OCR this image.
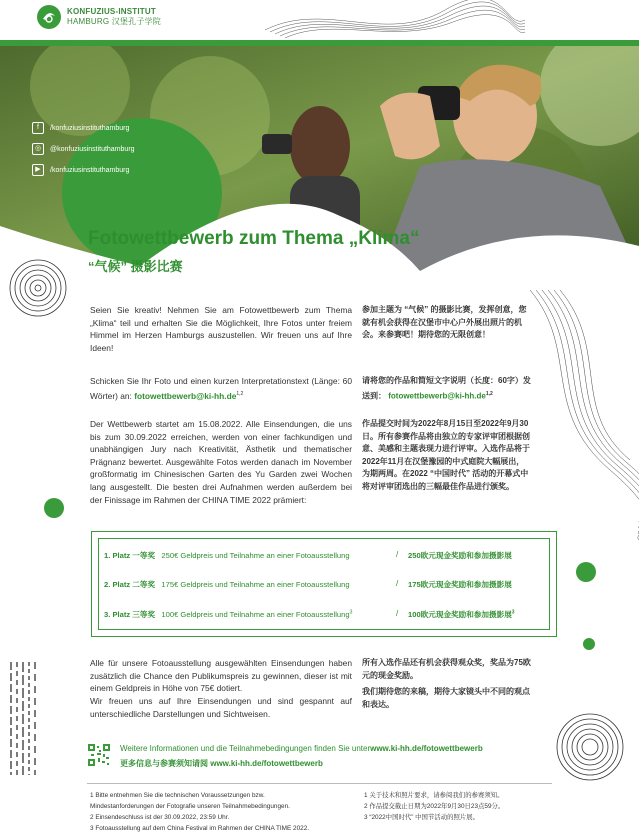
KONFUZIUS-INSTITUT
HAMBURG 汉堡孔子学院
f	/konfuziusinstituthamburg
◎	@konfuziusinstituthamburg
▶	/konfuziusinstituthamburg
Fotowettbewerb zum Thema „Klima“
“气候” 摄影比赛
Seien Sie kreativ! Nehmen Sie am Fotowettbewerb zum Thema „Klima“ teil und erhalten Sie die Möglichkeit, Ihre Fotos unter freiem Himmel im Herzen Hamburgs auszustellen. Wir freuen uns auf Ihre Ideen!
Schicken Sie Ihr Foto und einen kurzen Interpretationstext (Länge: 60 Wörter) an: fotowettbewerb@ki-hh.de$^{1,2}$
Der Wettbewerb startet am 15.08.2022. Alle Einsendungen, die uns bis zum 30.09.2022 erreichen, werden von einer fachkundigen und unabhängigen Jury nach Kreativität, Ästhetik und thematischer Prägnanz bewertet. Ausgewählte Fotos werden danach im November großformatig im Chinesischen Garten des Yu Garden zwei Wochen lang ausgestellt. Die besten drei Aufnahmen werden außerdem bei der Finissage im Rahmen der CHINA TIME 2022 prämiert:
Alle für unsere Fotoausstellung ausgewählten Einsendungen haben zusätzlich die Chance den Publikumspreis zu gewinnen, dieser ist mit einem Geldpreis in Höhe von 75€ dotiert.
Wir freuen uns auf Ihre Einsendungen und sind gespannt auf unterschiedliche Darstellungen und Sichtweisen.
参加主题为 “气候” 的摄影比赛，发挥创意，您就有机会获得在汉堡市中心户外展出照片的机会。来参赛吧！期待您的无限创意！
请将您的作品和简短文字说明（长度：60字）发送到： fotowettbewerb@ki-hh.de$^{1,2}$
作品提交时间为2022年8月15日至2022年9月30日。所有参赛作品将由独立的专家评审团根据创意、美感和主题表现力进行评审。入选作品将于2022年11月在汉堡豫园的中式庭院大幅展出，为期两周。在2022 “中国时代” 活动的开幕式中将对评审团选出的三幅最佳作品进行颁奖。
所有入选作品还有机会获得观众奖，奖品为75欧元的现金奖励。
我们期待您的来稿，期待大家镜头中不同的观点和表达。
1. Platz 一等奖 250€ Geldpreis und Teilnahme an einer Fotoausstellung	/ 250欧元现金奖励和参加摄影展
2. Platz 二等奖 175€ Geldpreis und Teilnahme an einer Fotoausstellung	/ 175欧元现金奖励和参加摄影展
3. Platz 三等奖 100€ Geldpreis und Teilnahme an einer Fotoausstellung$^3$	/ 100欧元现金奖励和参加摄影展$^3$
Weitere Informationen und die Teilnahmebedingungen finden Sie unterwww.ki-hh.de/fotowettbewerb
更多信息与参赛须知请阅 www.ki-hh.de/fotowettbewerb
1 Bitte entnehmen Sie die technischen Voraussetzungen bzw.
Mindestanforderungen der Fotografie unseren Teilnahmebedingungen.
2 Einsendeschluss ist der 30.09.2022, 23:59 Uhr.
3 Fotoausstellung auf dem China Festival im Rahmen der CHINA TIME 2022.
1 关于技术和照片要求，请参阅我们的参赛须知。
2 作品提交截止日期为2022年9月30日23点59分。
3 “2022中国时代” 中国节活动的照片展。
